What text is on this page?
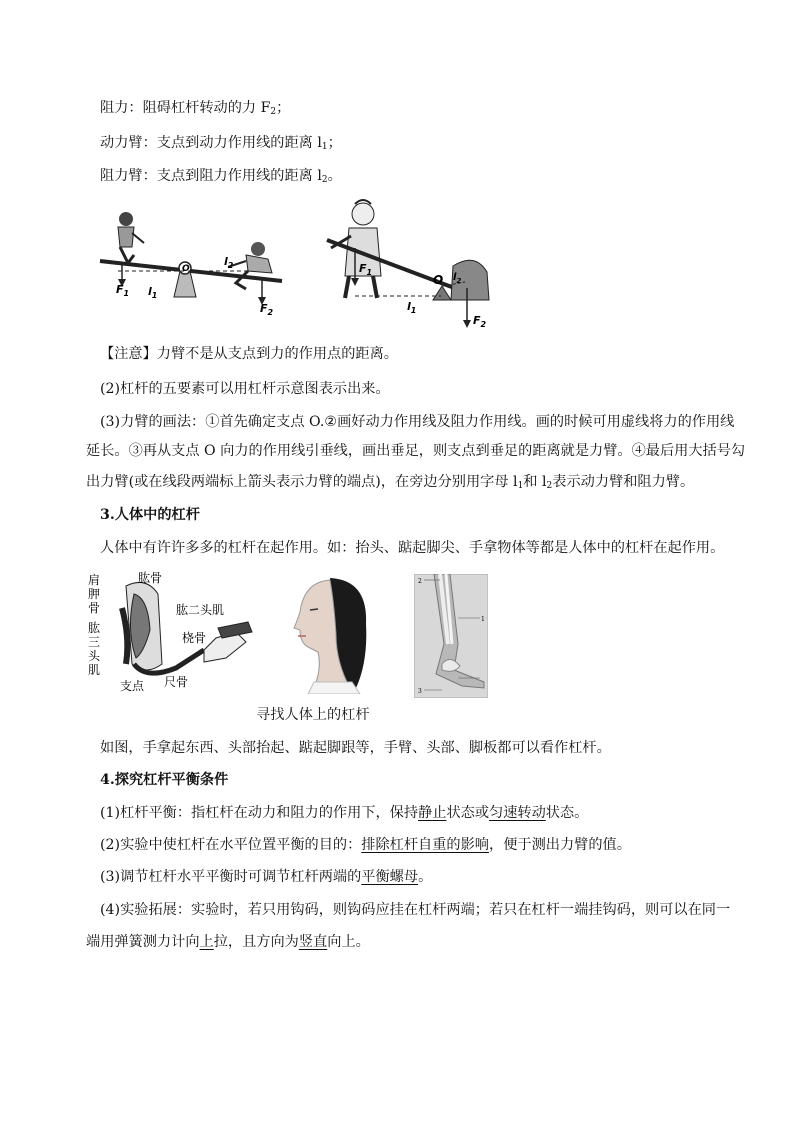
阻力：阻碍杠杆转动的力 $F_2$；
动力臂：支点到动力作用线的距离 $l_1$；
阻力臂：支点到阻力作用线的距离 $l_2$。
$F_1$ $l_1$
$l_2$
$F_2$
O	$F_1$
O $l_2$
$l_1$
$F_2$
【注意】力臂不是从支点到力的作用点的距离。
(2)杠杆的五要素可以用杠杆示意图表示出来。
(3)力臂的画法：①首先确定支点 O.②画好动力作用线及阻力作用线。画的时候可用虚线将力的作用线
延长。③再从支点 O 向力的作用线引垂线，画出垂足，则支点到垂足的距离就是力臂。④最后用大括号勾
出力臂(或在线段两端标上箭头表示力臂的端点)，在旁边分别用字母 $l_1$和 $l_2$表示动力臂和阻力臂。
3.人体中的杠杆
人体中有许许多多的杠杆在起作用。如：抬头、踮起脚尖、手拿物体等都是人体中的杠杆在起作用。
肩
胛
骨
肱骨
肱二头肌
肱
三
头
肌
桡骨
支点 尺骨
2
1
3
寻找人体上的杠杆
如图，手拿起东西、头部抬起、踮起脚跟等，手臂、头部、脚板都可以看作杠杆。
4.探究杠杆平衡条件
(1)杠杆平衡：指杠杆在动力和阻力的作用下，保持静止状态或匀速转动状态。
(2)实验中使杠杆在水平位置平衡的目的：排除杠杆自重的影响，便于测出力臂的值。
(3)调节杠杆水平平衡时可调节杠杆两端的平衡螺母。
(4)实验拓展：实验时，若只用钩码，则钩码应挂在杠杆两端；若只在杠杆一端挂钩码，则可以在同一
端用弹簧测力计向上拉，且方向为竖直向上。
